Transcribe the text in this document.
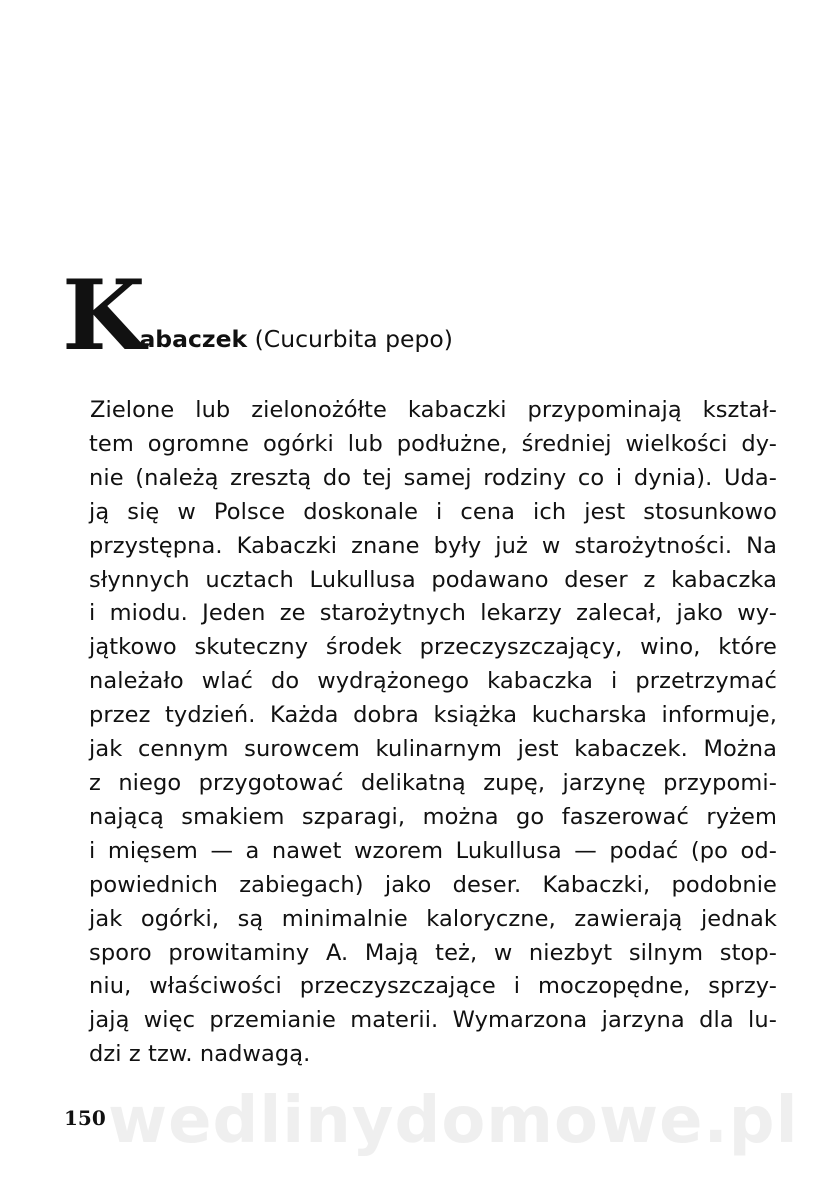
Kabaczek (Cucurbita pepo)
Zielone lub zielonożółte kabaczki przypominają kształ-
tem ogromne ogórki lub podłużne, średniej wielkości dy-
nie (należą zresztą do tej samej rodziny co i dynia). Uda-
ją się w Polsce doskonale i cena ich jest stosunkowo
przystępna. Kabaczki znane były już w starożytności. Na
słynnych ucztach Lukullusa podawano deser z kabaczka
i miodu. Jeden ze starożytnych lekarzy zalecał, jako wy-
jątkowo skuteczny środek przeczyszczający, wino, które
należało wlać do wydrążonego kabaczka i przetrzymać
przez tydzień. Każda dobra książka kucharska informuje,
jak cennym surowcem kulinarnym jest kabaczek. Można
z niego przygotować delikatną zupę, jarzynę przypomi-
nającą smakiem szparagi, można go faszerować ryżem
i mięsem — a nawet wzorem Lukullusa — podać (po od-
powiednich zabiegach) jako deser. Kabaczki, podobnie
jak ogórki, są minimalnie kaloryczne, zawierają jednak
sporo prowitaminy A. Mają też, w niezbyt silnym stop-
niu, właściwości przeczyszczające i moczopędne, sprzy-
jają więc przemianie materii. Wymarzona jarzyna dla lu-
dzi z tzw. nadwagą.
wedlinydomowe.pl
150
